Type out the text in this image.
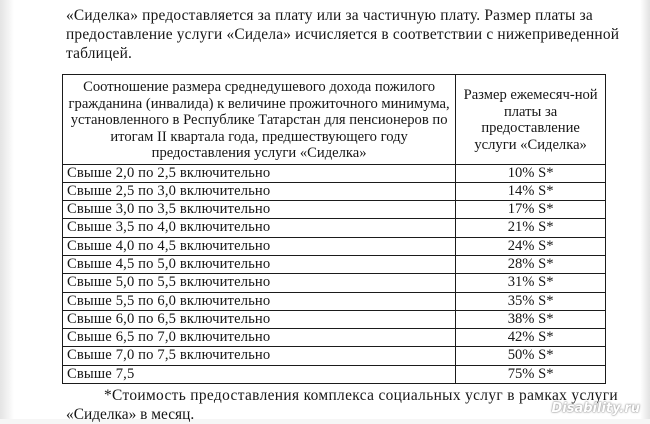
«Сиделка» предоставляется за плату или за частичную плату. Размер платы за
предоставление услуги «Сидела» исчисляется в соответствии с нижеприведенной
таблицей.
Соотношение размера среднедушевого дохода пожилого гражданина (инвалида) к величине прожиточного минимума, установленного в Республике Татарстан для пенсионеров по итогам II квартала года, предшествующего году предоставления услуги «Сиделка»	Размер ежемесяч-ной платы за предоставление услуги «Сиделка»
Свыше 2,0 по 2,5 включительно	10% S*
Свыше 2,5 по 3,0 включительно	14% S*
Свыше 3,0 по 3,5 включительно	17% S*
Свыше 3,5 по 4,0 включительно	21% S*
Свыше 4,0 по 4,5 включительно	24% S*
Свыше 4,5 по 5,0 включительно	28% S*
Свыше 5,0 по 5,5 включительно	31% S*
Свыше 5,5 по 6,0 включительно	35% S*
Свыше 6,0 по 6,5 включительно	38% S*
Свыше 6,5 по 7,0 включительно	42% S*
Свыше 7,0 по 7,5 включительно	50% S*
Свыше 7,5	75% S*
*Стоимость предоставления комплекса социальных услуг в рамках услуги
«Сиделка» в месяц.	Disability.ru
